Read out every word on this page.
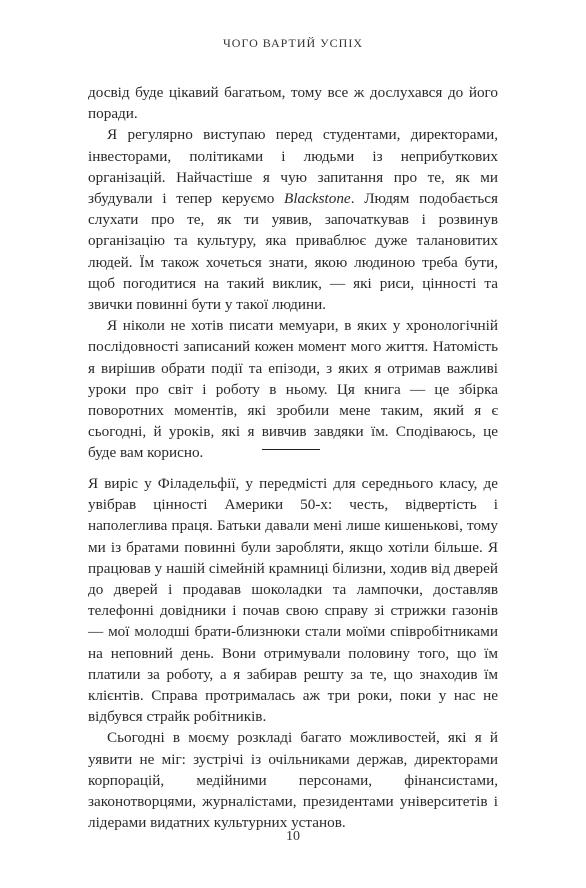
ЧОГО ВАРТИЙ УСПІХ

досвід буде цікавий багатьом, тому все ж дослухався до його поради.

Я регулярно виступаю перед студентами, директорами, інвесторами, політиками і людьми із неприбуткових організацій. Найчастіше я чую запитання про те, як ми збудували і тепер керуємо Blackstone. Людям подобається слухати про те, як ти уявив, започаткував і розвинув організацію та культуру, яка приваблює дуже талановитих людей. Їм також хочеться знати, якою людиною треба бути, щоб погодитися на такий виклик, — які риси, цінності та звички повинні бути у такої людини.

Я ніколи не хотів писати мемуари, в яких у хронологічній послідовності записаний кожен момент мого життя. Натомість я вирішив обрати події та епізоди, з яких я отримав важливі уроки про світ і роботу в ньому. Ця книга — це збірка поворотних моментів, які зробили мене таким, який я є сьогодні, й уроків, які я вивчив завдяки їм. Сподіваюсь, це буде вам корисно.

Я виріс у Філадельфії, у передмісті для середнього класу, де увібрав цінності Америки 50-х: честь, відвертість і наполеглива праця. Батьки давали мені лише кишенькові, тому ми із братами повинні були заробляти, якщо хотіли більше. Я працював у нашій сімейній крамниці білизни, ходив від дверей до дверей і продавав шоколадки та лампочки, доставляв телефонні довідники і почав свою справу зі стрижки газонів — мої молодші брати-близнюки стали моїми співробітниками на неповний день. Вони отримували половину того, що їм платили за роботу, а я забирав решту за те, що знаходив їм клієнтів. Справа протрималась аж три роки, поки у нас не відбувся страйк робітників.

Сьогодні в моєму розкладі багато можливостей, які я й уявити не міг: зустрічі із очільниками держав, директорами корпорацій, медійними персонами, фінансистами, законотворцями, журналістами, президентами університетів і лідерами видатних культурних установ.

10
